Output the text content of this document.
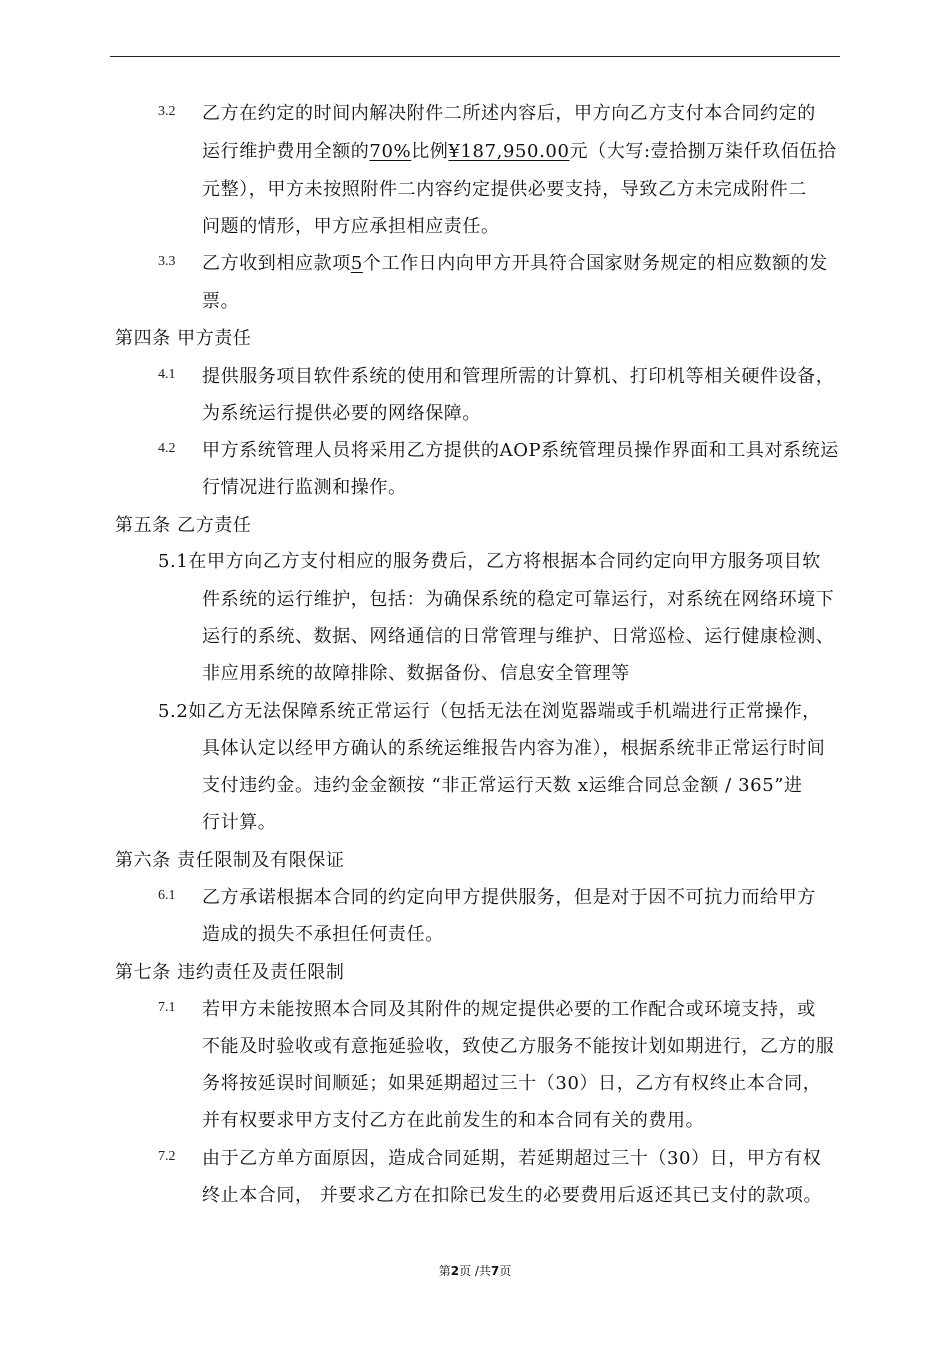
3.2 乙方在约定的时间内解决附件二所述内容后，甲方向乙方支付本合同约定的
运行维护费用全额的70%比例¥187,950.00元（大写:壹拾捌万柒仟玖佰伍拾
元整），甲方未按照附件二内容约定提供必要支持，导致乙方未完成附件二
问题的情形，甲方应承担相应责任。
3.3 乙方收到相应款项5个工作日内向甲方开具符合国家财务规定的相应数额的发
票。
第四条 甲方责任
4.1 提供服务项目软件系统的使用和管理所需的计算机、打印机等相关硬件设备，
为系统运行提供必要的网络保障。
4.2 甲方系统管理人员将采用乙方提供的AOP系统管理员操作界面和工具对系统运
行情况进行监测和操作。
第五条 乙方责任
5.1在甲方向乙方支付相应的服务费后，乙方将根据本合同约定向甲方服务项目软
件系统的运行维护，包括：为确保系统的稳定可靠运行，对系统在网络环境下
运行的系统、数据、网络通信的日常管理与维护、日常巡检、运行健康检测、
非应用系统的故障排除、数据备份、信息安全管理等
5.2如乙方无法保障系统正常运行（包括无法在浏览器端或手机端进行正常操作，
具体认定以经甲方确认的系统运维报告内容为准），根据系统非正常运行时间
支付违约金。违约金金额按 “非正常运行天数 x运维合同总金额 / 365”进
行计算。
第六条 责任限制及有限保证
6.1 乙方承诺根据本合同的约定向甲方提供服务，但是对于因不可抗力而给甲方
造成的损失不承担任何责任。
第七条 违约责任及责任限制
7.1 若甲方未能按照本合同及其附件的规定提供必要的工作配合或环境支持，或
不能及时验收或有意拖延验收，致使乙方服务不能按计划如期进行，乙方的服
务将按延误时间顺延；如果延期超过三十（30）日，乙方有权终止本合同，
并有权要求甲方支付乙方在此前发生的和本合同有关的费用。
7.2 由于乙方单方面原因，造成合同延期，若延期超过三十（30）日，甲方有权
终止本合同， 并要求乙方在扣除已发生的必要费用后返还其已支付的款项。
第2页 /共7页
